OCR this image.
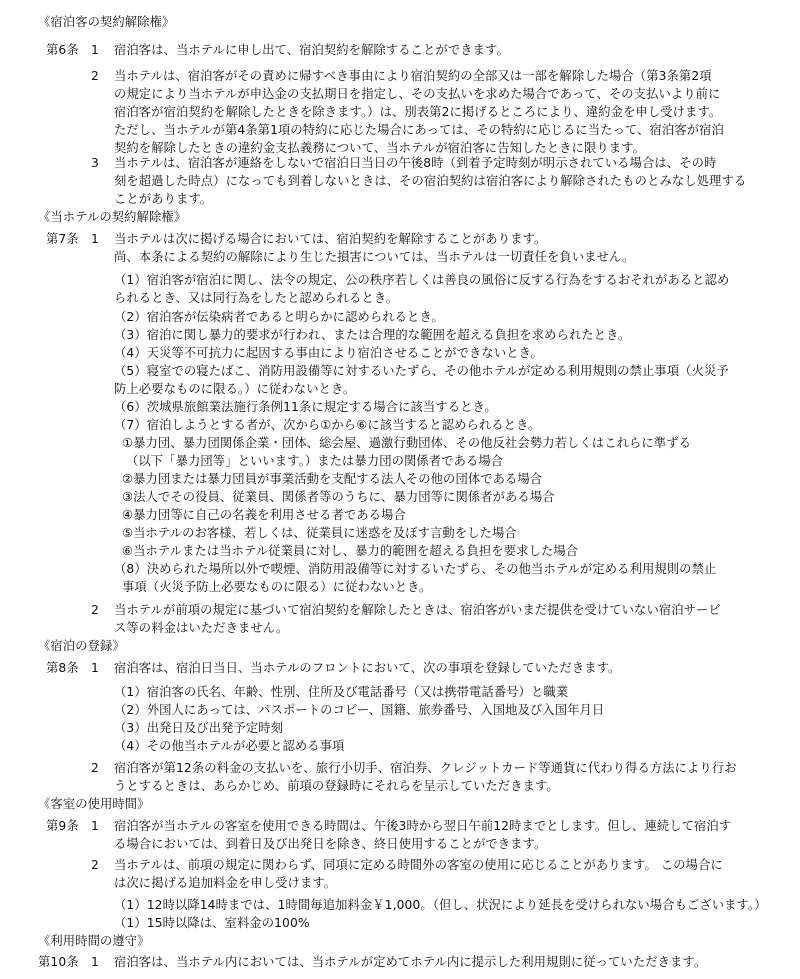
《宿泊客の契約解除権》
第6条 1 宿泊客は、当ホテルに申し出て、宿泊契約を解除することができます。
2 当ホテルは、宿泊客がその責めに帰すべき事由により宿泊契約の全部又は一部を解除した場合（第3条第2項
の規定により当ホテルが申込金の支払期日を指定し、その支払いを求めた場合であって、その支払いより前に
宿泊客が宿泊契約を解除したときを除きます。）は、別表第2に掲げるところにより、違約金を申し受けます。
ただし、当ホテルが第4条第1項の特約に応じた場合にあっては、その特約に応じるに当たって、宿泊客が宿泊
契約を解除したときの違約金支払義務について、当ホテルが宿泊客に告知したときに限ります。
3 当ホテルは、宿泊客が連絡をしないで宿泊日当日の午後8時（到着予定時刻が明示されている場合は、その時
刻を超過した時点）になっても到着しないときは、その宿泊契約は宿泊客により解除されたものとみなし処理する
ことがあります。
《当ホテルの契約解除権》
第7条 1 当ホテルは次に掲げる場合においては、宿泊契約を解除することがあります。
尚、本条による契約の解除により生じた損害については、当ホテルは一切責任を負いません。
（1）宿泊客が宿泊に関し、法令の規定、公の秩序若しくは善良の風俗に反する行為をするおそれがあると認め
られるとき、又は同行為をしたと認められるとき。
（2）宿泊客が伝染病者であると明らかに認められるとき。
（3）宿泊に関し暴力的要求が行われ、または合理的な範囲を超える負担を求められたとき。
（4）天災等不可抗力に起因する事由により宿泊させることができないとき。
（5）寝室での寝たばこ、消防用設備等に対するいたずら、その他ホテルが定める利用規則の禁止事項（火災予
防上必要なものに限る。）に従わないとき。
（6）茨城県旅館業法施行条例11条に規定する場合に該当するとき。
（7）宿泊しようとする者が、次から①から⑥に該当すると認められるとき。
①暴力団、暴力団関係企業・団体、総会屋、過激行動団体、その他反社会勢力若しくはこれらに準ずる
（以下「暴力団等」といいます。）または暴力団の関係者である場合
②暴力団または暴力団員が事業活動を支配する法人その他の団体である場合
③法人でその役員、従業員、関係者等のうちに、暴力団等に関係者がある場合
④暴力団等に自己の名義を利用させる者である場合
⑤当ホテルのお客様、若しくは、従業員に迷惑を及ぼす言動をした場合
⑥当ホテルまたは当ホテル従業員に対し、暴力的範囲を超える負担を要求した場合
（8）決められた場所以外で喫煙、消防用設備等に対するいたずら、その他当ホテルが定める利用規則の禁止
事項（火災予防上必要なものに限る）に従わないとき。
2 当ホテルが前項の規定に基づいて宿泊契約を解除したときは、宿泊客がいまだ提供を受けていない宿泊サービ
ス等の料金はいただきません。
《宿泊の登録》
第8条 1 宿泊客は、宿泊日当日、当ホテルのフロントにおいて、次の事項を登録していただきます。
（1）宿泊客の氏名、年齢、性別、住所及び電話番号（又は携帯電話番号）と職業
（2）外国人にあっては、パスポートのコピー、国籍、旅券番号、入国地及び入国年月日
（3）出発日及び出発予定時刻
（4）その他当ホテルが必要と認める事項
2 宿泊客が第12条の料金の支払いを、旅行小切手、宿泊券、クレジットカード等通貨に代わり得る方法により行お
うとするときは、あらかじめ、前項の登録時にそれらを呈示していただきます。
《客室の使用時間》
第9条 1 宿泊客が当ホテルの客室を使用できる時間は、午後3時から翌日午前12時までとします。但し、連続して宿泊す
る場合においては、到着日及び出発日を除き、終日使用することができます。
2 当ホテルは、前項の規定に関わらず、同項に定める時間外の客室の使用に応じることがあります。 この場合に
は次に掲げる追加料金を申し受けます。
（1）12時以降14時までは、1時間毎追加料金￥1,000。（但し、状況により延長を受けられない場合もございます。）
（1）15時以降は、室料金の100%
《利用時間の遵守》
第10条 1 宿泊客は、当ホテル内においては、当ホテルが定めてホテル内に提示した利用規則に従っていただきます。
